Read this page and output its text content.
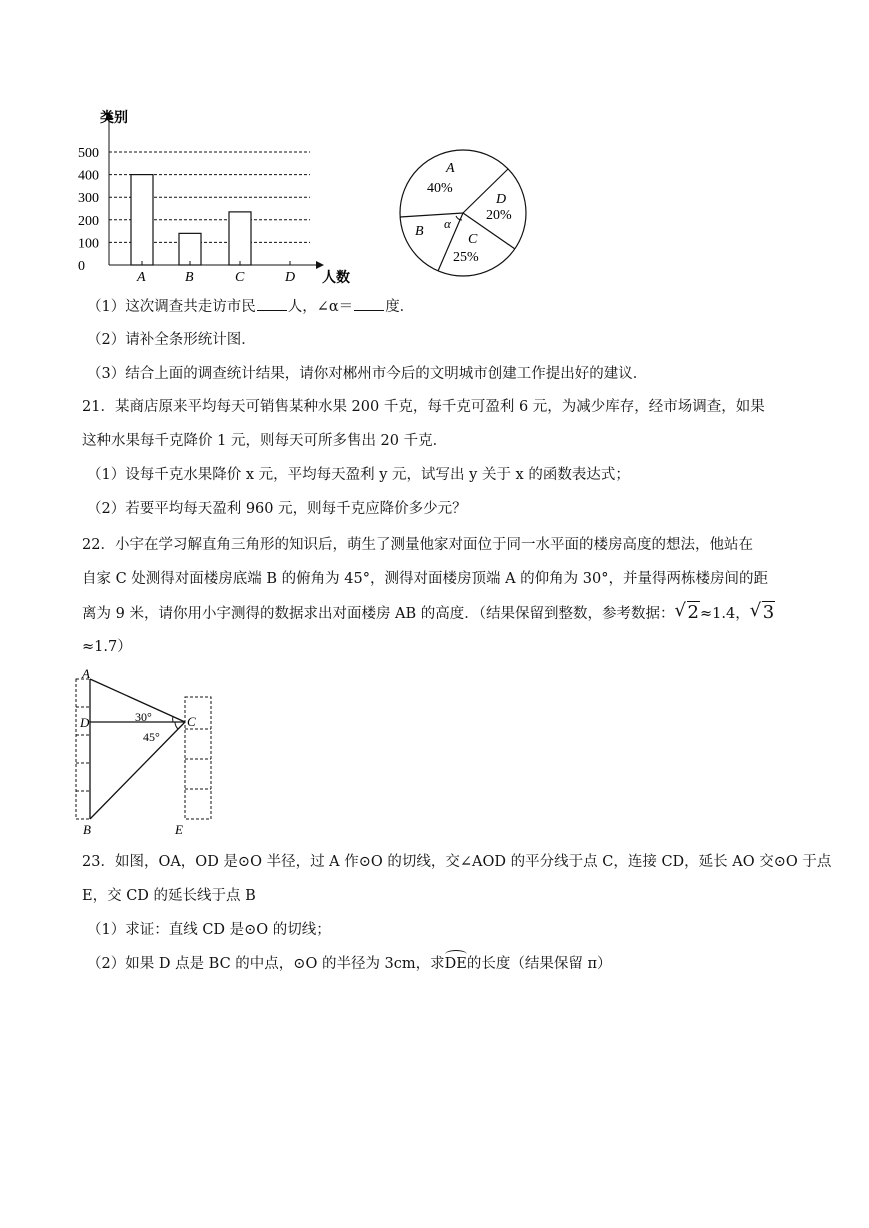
类别
人数
500
400
300
200
100
0
A	B	C	D
A
40%
D
20%
B
C
25%
α
（1）这次调查共走访市民 人，∠α＝ 度．
（2）请补全条形统计图．
（3）结合上面的调查统计结果，请你对郴州市今后的文明城市创建工作提出好的建议．
21．某商店原来平均每天可销售某种水果 200 千克，每千克可盈利 6 元，为减少库存，经市场调查，如果
这种水果每千克降价 1 元，则每天可所多售出 20 千克．
（1）设每千克水果降价 x 元，平均每天盈利 y 元，试写出 y 关于 x 的函数表达式；
（2）若要平均每天盈利 960 元，则每千克应降价多少元？
22．小宇在学习解直角三角形的知识后，萌生了测量他家对面位于同一水平面的楼房高度的想法，他站在
自家 C 处测得对面楼房底端 B 的俯角为 45°，测得对面楼房顶端 A 的仰角为 30°，并量得两栋楼房间的距
离为 9 米，请你用小宇测得的数据求出对面楼房 AB 的高度．（结果保留到整数，参考数据： √ 2≈1.4， √ 3
≈1.7）
A
D	C
B	E
30°
45°
23．如图，OA，OD 是⊙O 半径，过 A 作⊙O 的切线，交∠AOD 的平分线于点 C，连接 CD，延长 AO 交⊙O 于点
E，交 CD 的延长线于点 B
（1）求证：直线 CD 是⊙O 的切线；
（2）如果 D 点是 BC 的中点，⊙O 的半径为 3cm，求DE的长度（结果保留 π）
